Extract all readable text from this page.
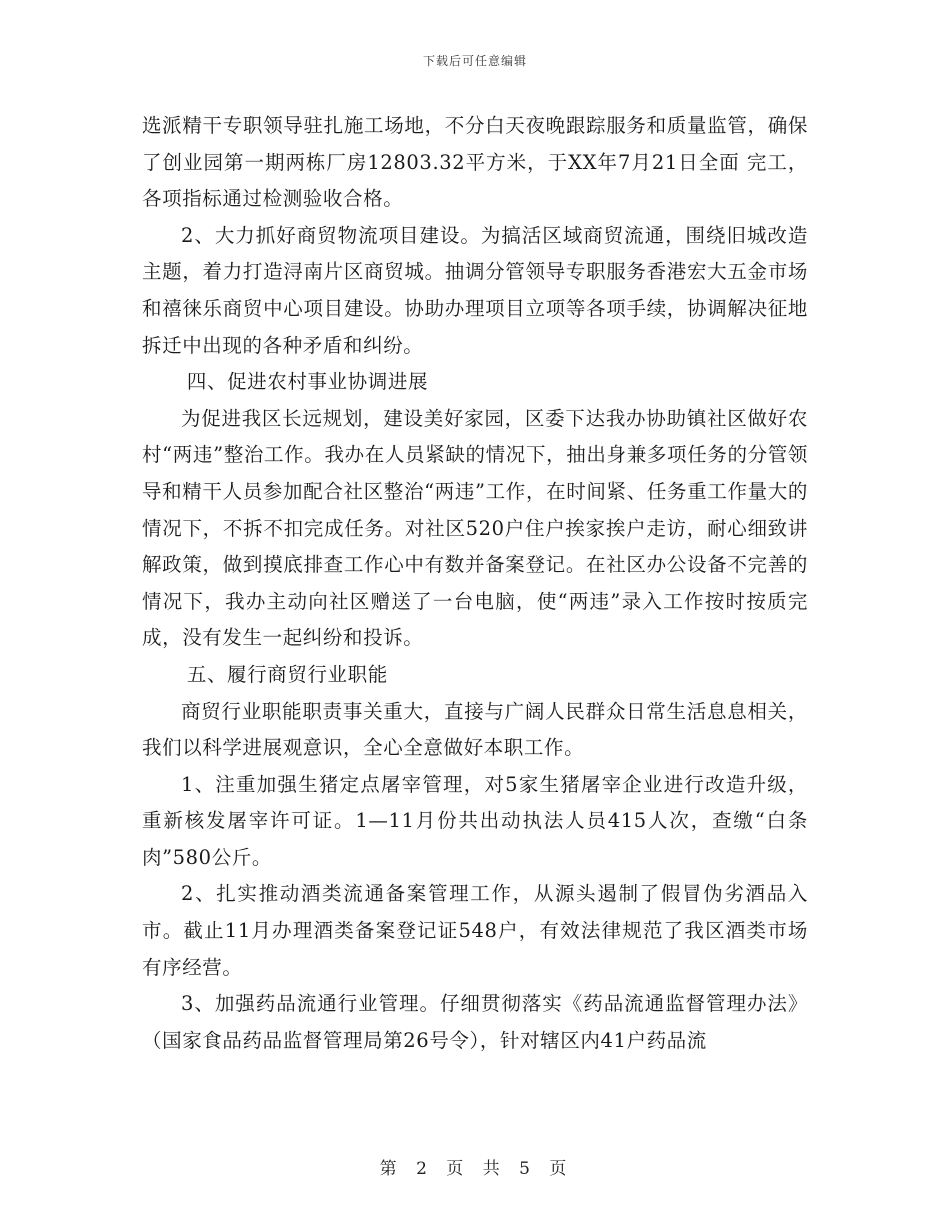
下载后可任意编辑

选派精干专职领导驻扎施工场地，不分白天夜晚跟踪服务和质量监管，确保了创业园第一期两栋厂房12803.32平方米，于XX年7月21日全面 完工，各项指标通过检测验收合格。

2、大力抓好商贸物流项目建设。为搞活区域商贸流通，围绕旧城改造主题，着力打造浔南片区商贸城。抽调分管领导专职服务香港宏大五金市场和禧徕乐商贸中心项目建设。协助办理项目立项等各项手续，协调解决征地拆迁中出现的各种矛盾和纠纷。

四、促进农村事业协调进展

为促进我区长远规划，建设美好家园，区委下达我办协助镇社区做好农村“两违”整治工作。我办在人员紧缺的情况下，抽出身兼多项任务的分管领导和精干人员参加配合社区整治“两违”工作，在时间紧、任务重工作量大的情况下，不拆不扣完成任务。对社区520户住户挨家挨户走访，耐心细致讲解政策，做到摸底排查工作心中有数并备案登记。在社区办公设备不完善的情况下，我办主动向社区赠送了一台电脑，使“两违”录入工作按时按质完成，没有发生一起纠纷和投诉。

五、履行商贸行业职能

商贸行业职能职责事关重大，直接与广阔人民群众日常生活息息相关，我们以科学进展观意识，全心全意做好本职工作。

1、注重加强生猪定点屠宰管理，对5家生猪屠宰企业进行改造升级，重新核发屠宰许可证。1—11月份共出动执法人员415人次，查缴“白条肉”580公斤。

2、扎实推动酒类流通备案管理工作，从源头遏制了假冒伪劣酒品入市。截止11月办理酒类备案登记证548户，有效法律规范了我区酒类市场有序经营。

3、加强药品流通行业管理。仔细贯彻落实《药品流通监督管理办法》（国家食品药品监督管理局第26号令），针对辖区内41户药品流

第 2 页 共 5 页
